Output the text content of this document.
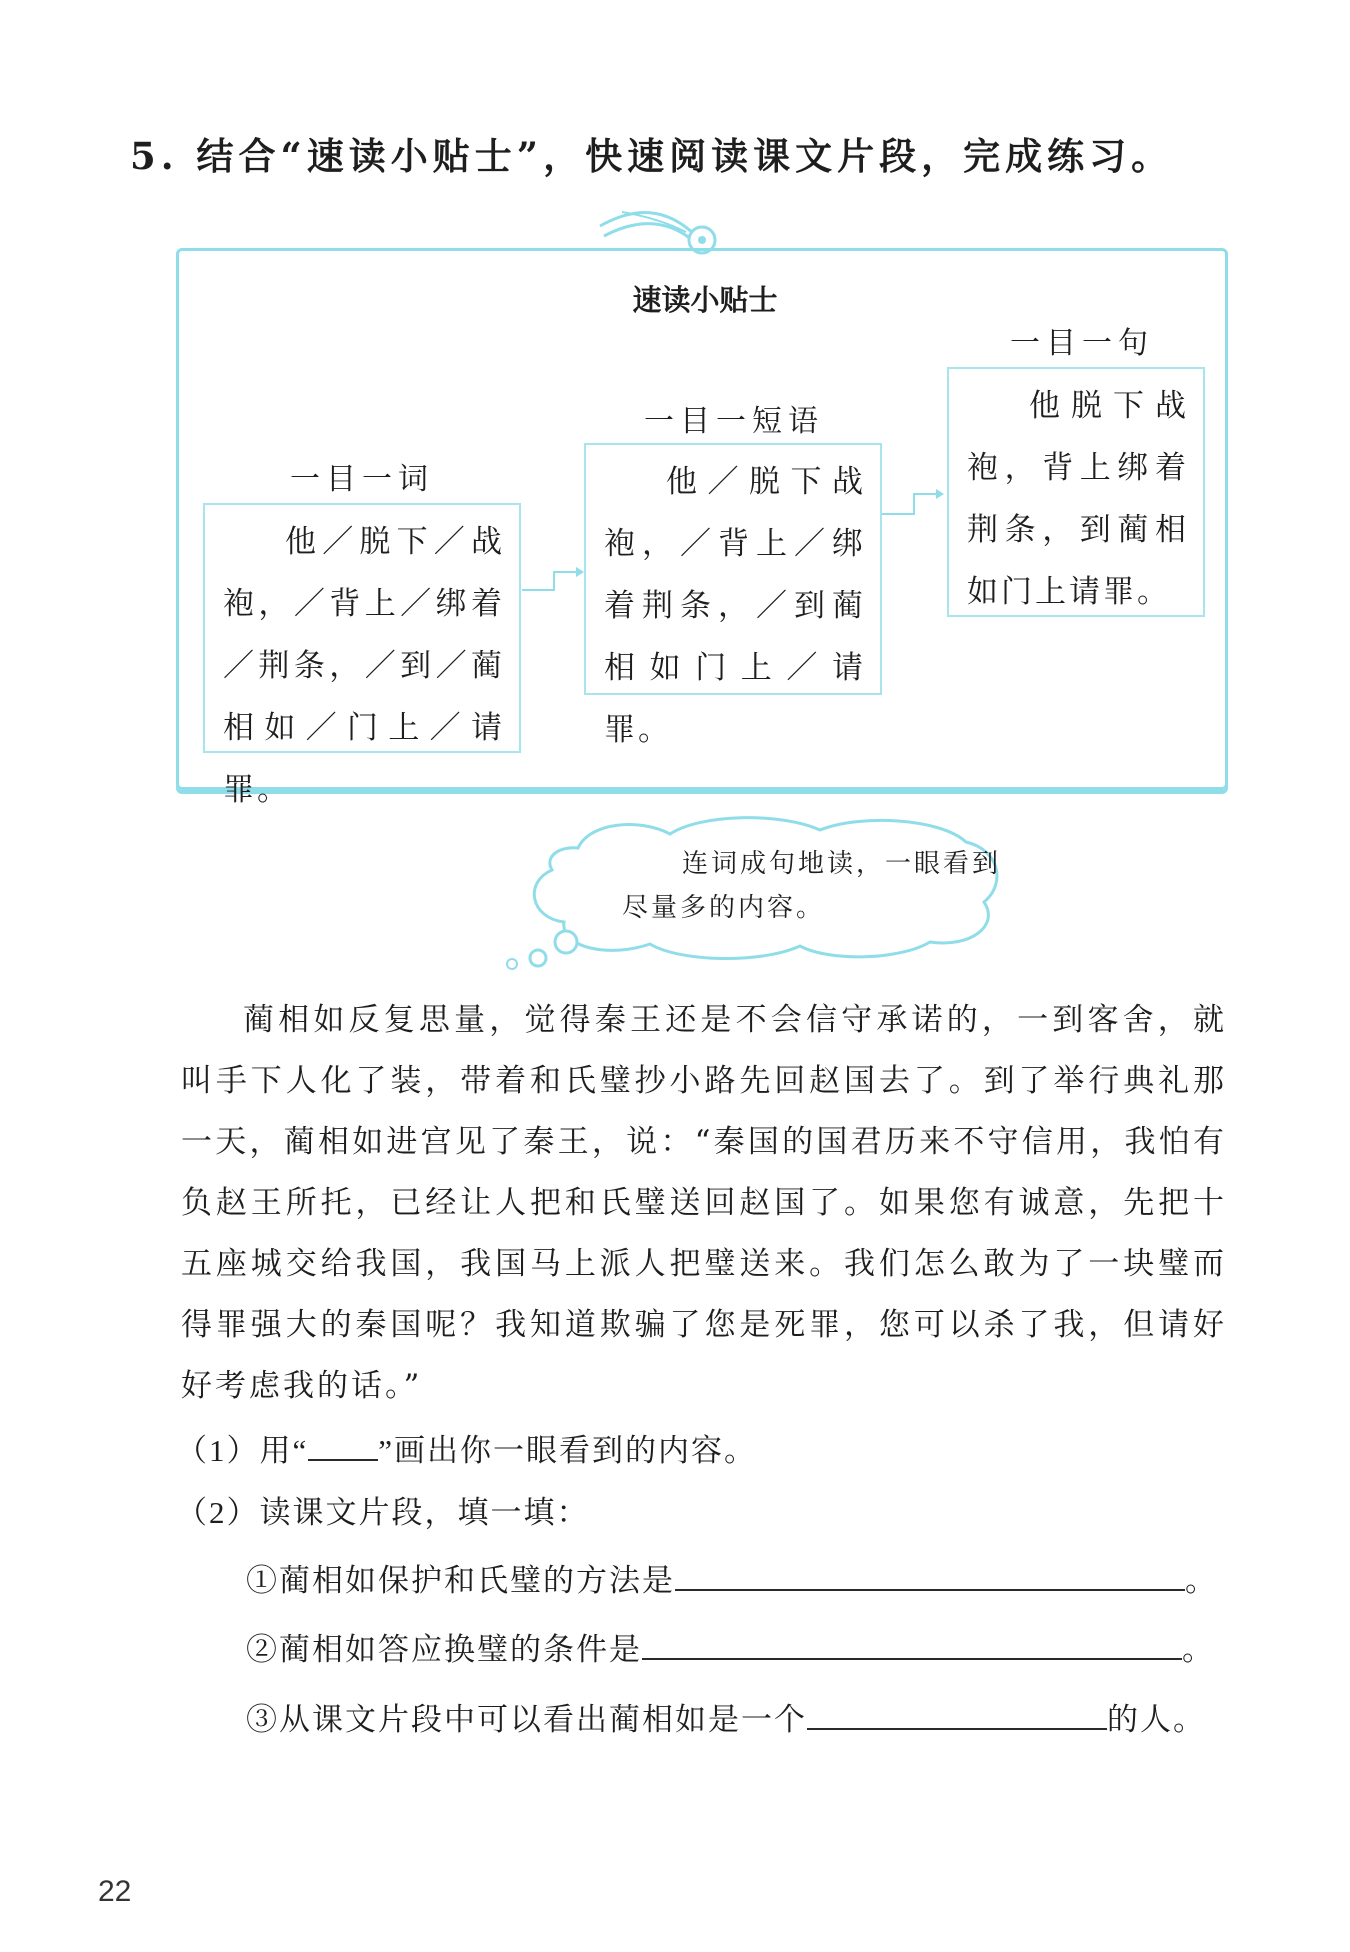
5. 结合“速读小贴士”，快速阅读课文片段，完成练习。
速读小贴士
一目一词

他／脱下／战袍，／背上／绑着／荆条，／到／蔺相如／门上／请罪。

一目一短语

他／脱下战袍，／背上／绑着荆条，／到蔺相如门上／请罪。

一目一句

他脱下战袍，背上绑着荆条，到蔺相如门上请罪。

连词成句地读，一眼看到尽量多的内容。

蔺相如反复思量，觉得秦王还是不会信守承诺的，一到客舍，就叫手下人化了装，带着和氏璧抄小路先回赵国去了。到了举行典礼那一天，蔺相如进宫见了秦王，说：“秦国的国君历来不守信用，我怕有负赵王所托，已经让人把和氏璧送回赵国了。如果您有诚意，先把十五座城交给我国，我国马上派人把璧送来。我们怎么敢为了一块璧而得罪强大的秦国呢？我知道欺骗了您是死罪，您可以杀了我，但请好好考虑我的话。”

（1）用“ ”画出你一眼看到的内容。
（2）读课文片段，填一填：
①蔺相如保护和氏璧的方法是	。
②蔺相如答应换璧的条件是	。
③从课文片段中可以看出蔺相如是一个	的人。
22
